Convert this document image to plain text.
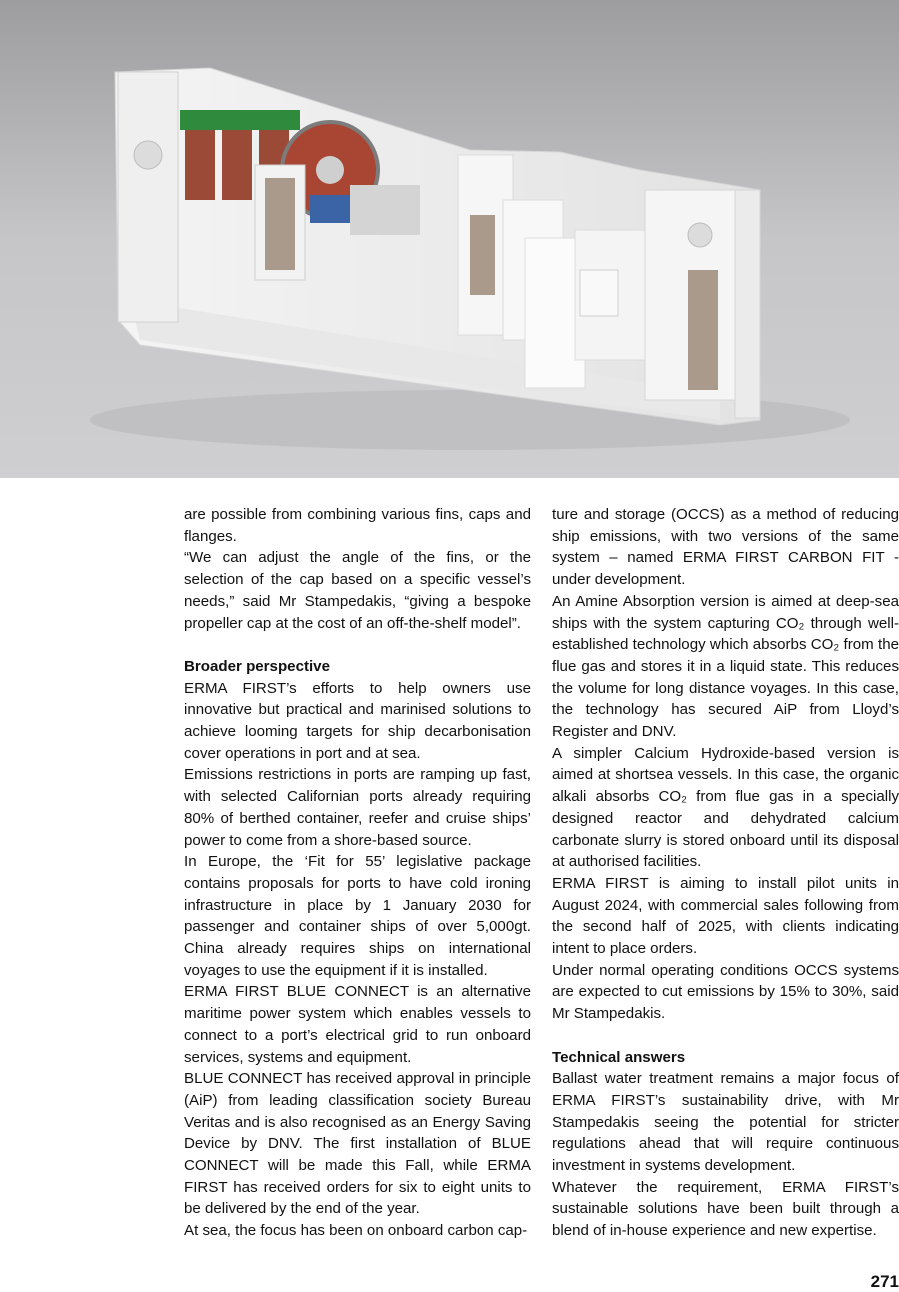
are possible from combining various fins, caps and flanges.

“We can adjust the angle of the fins, or the selection of the cap based on a specific vessel’s needs,” said Mr Stampedakis, “giving a bespoke propeller cap at the cost of an off-the-shelf model”.

Broader perspective

ERMA FIRST’s efforts to help owners use innovative but practical and marinised solutions to achieve looming targets for ship decarbonisation cover operations in port and at sea.

Emissions restrictions in ports are ramping up fast, with selected Californian ports already requiring 80% of berthed container, reefer and cruise ships’ power to come from a shore-based source.

In Europe, the ‘Fit for 55’ legislative package contains proposals for ports to have cold ironing infrastructure in place by 1 January 2030 for passenger and container ships of over 5,000gt. China already requires ships on international voyages to use the equipment if it is installed.

ERMA FIRST BLUE CONNECT is an alternative maritime power system which enables vessels to connect to a port’s electrical grid to run onboard services, systems and equipment.

BLUE CONNECT has received approval in principle (AiP) from leading classification society Bureau Veritas and is also recognised as an Energy Saving Device by DNV. The first installation of BLUE CONNECT will be made this Fall, while ERMA FIRST has received orders for six to eight units to be delivered by the end of the year.

At sea, the focus has been on onboard carbon cap-

ture and storage (OCCS) as a method of reducing ship emissions, with two versions of the same system – named ERMA FIRST CARBON FIT - under development.

An Amine Absorption version is aimed at deep-sea ships with the system capturing CO₂ through well-established technology which absorbs CO₂ from the flue gas and stores it in a liquid state. This reduces the volume for long distance voyages. In this case, the technology has secured AiP from Lloyd’s Register and DNV.

A simpler Calcium Hydroxide-based version is aimed at shortsea vessels. In this case, the organic alkali absorbs CO₂ from flue gas in a specially designed reactor and dehydrated calcium carbonate slurry is stored onboard until its disposal at authorised facilities.

ERMA FIRST is aiming to install pilot units in August 2024, with commercial sales following from the second half of 2025, with clients indicating intent to place orders.

Under normal operating conditions OCCS systems are expected to cut emissions by 15% to 30%, said Mr Stampedakis.

Technical answers

Ballast water treatment remains a major focus of ERMA FIRST’s sustainability drive, with Mr Stampedakis seeing the potential for stricter regulations ahead that will require continuous investment in systems development.

Whatever the requirement, ERMA FIRST’s sustainable solutions have been built through a blend of in-house experience and new expertise.

271
